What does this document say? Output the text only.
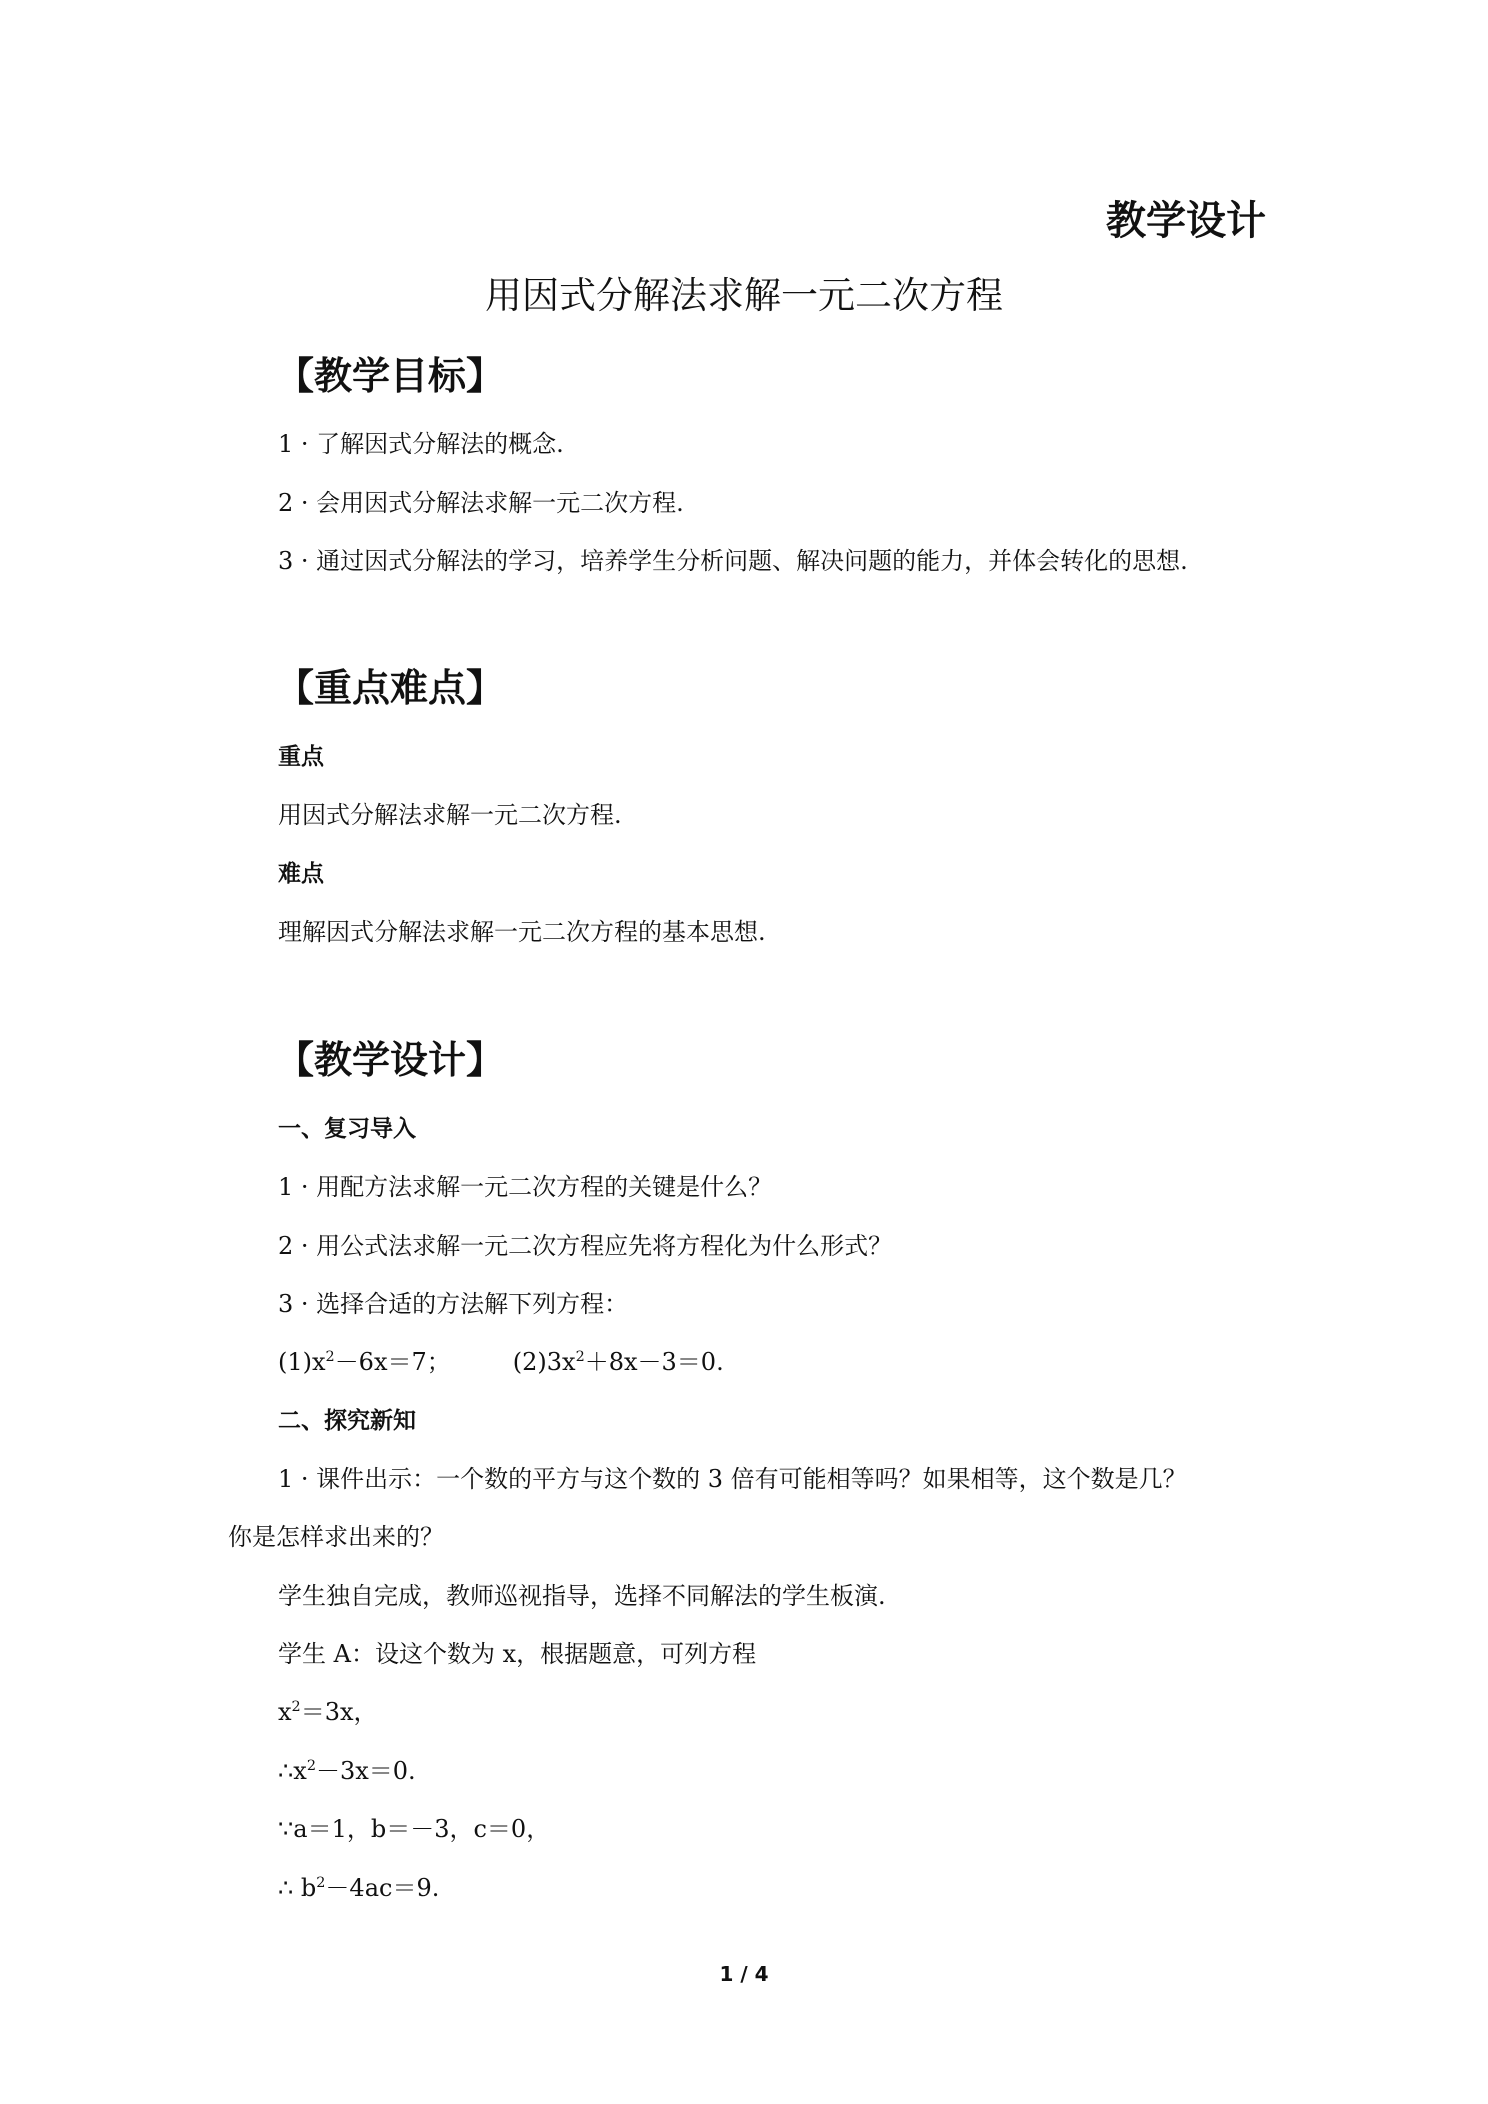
教学设计
用因式分解法求解一元二次方程
【教学目标】
1 · 了解因式分解法的概念.
2 · 会用因式分解法求解一元二次方程.
3 · 通过因式分解法的学习，培养学生分析问题、解决问题的能力，并体会转化的思想.
【重点难点】
重点
用因式分解法求解一元二次方程.
难点
理解因式分解法求解一元二次方程的基本思想.
【教学设计】
一、复习导入
1 · 用配方法求解一元二次方程的关键是什么？
2 · 用公式法求解一元二次方程应先将方程化为什么形式？
3 · 选择合适的方法解下列方程：
$(1)x^2-6x=7$；	$(2)3x^2+8x-3=0$.
二、探究新知
1 · 课件出示：一个数的平方与这个数的 3 倍有可能相等吗？如果相等，这个数是几？
你是怎样求出来的？
学生独自完成，教师巡视指导，选择不同解法的学生板演.
学生 A：设这个数为 x，根据题意，可列方程
$x^2=3x$，
$\therefore x^2-3x=0$.
∵a＝1，b＝－3，c＝0，
∴ $b^2-4ac=9$.
1 / 4
